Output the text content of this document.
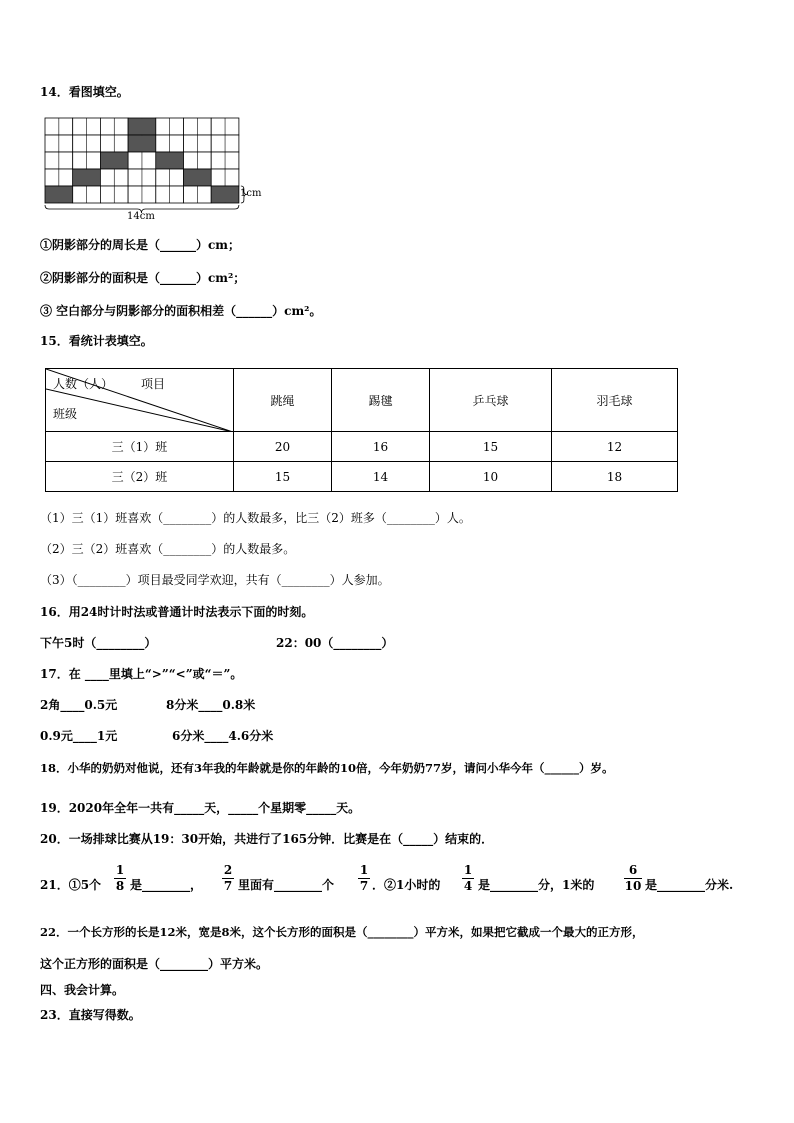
14．看图填空。
1cm
14cm
①阴影部分的周长是（______）cm；
②阴影部分的面积是（______）cm²；
③ 空白部分与阴影部分的面积相差（______）cm²。
15．看统计表填空。
人数（人） 项目
班级	跳绳	踢毽	乒乓球	羽毛球
三（1）班	20	16	15	12
三（2）班	15	14	10	18
（1）三（1）班喜欢（________）的人数最多，比三（2）班多（________）人。
（2）三（2）班喜欢（________）的人数最多。
（3）（________）项目最受同学欢迎，共有（________）人参加。
16．用24时计时法或普通计时法表示下面的时刻。
下午5时（________）	22：00（________）
17．在 ____里填上“>”“<”或“＝”。
2角____0.5元	8分米____0.8米
0.9元____1元	6分米____4.6分米
18．小华的奶奶对他说，还有3年我的年龄就是你的年龄的10倍，今年奶奶77岁，请问小华今年（______）岁。
19．2020年全年一共有_____天，_____个星期零_____天。
20．一场排球比赛从19：30开始，共进行了165分钟．比赛是在（_____）结束的．
21．①5个
1
8 是________，
2
7 里面有________个
1
7 ．②1小时的
1
4 是________分，1米的
6
10 是________分米.
22．一个长方形的长是12米，宽是8米，这个长方形的面积是（________）平方米，如果把它截成一个最大的正方形，
这个正方形的面积是（________）平方米。
四、我会计算。
23．直接写得数。
